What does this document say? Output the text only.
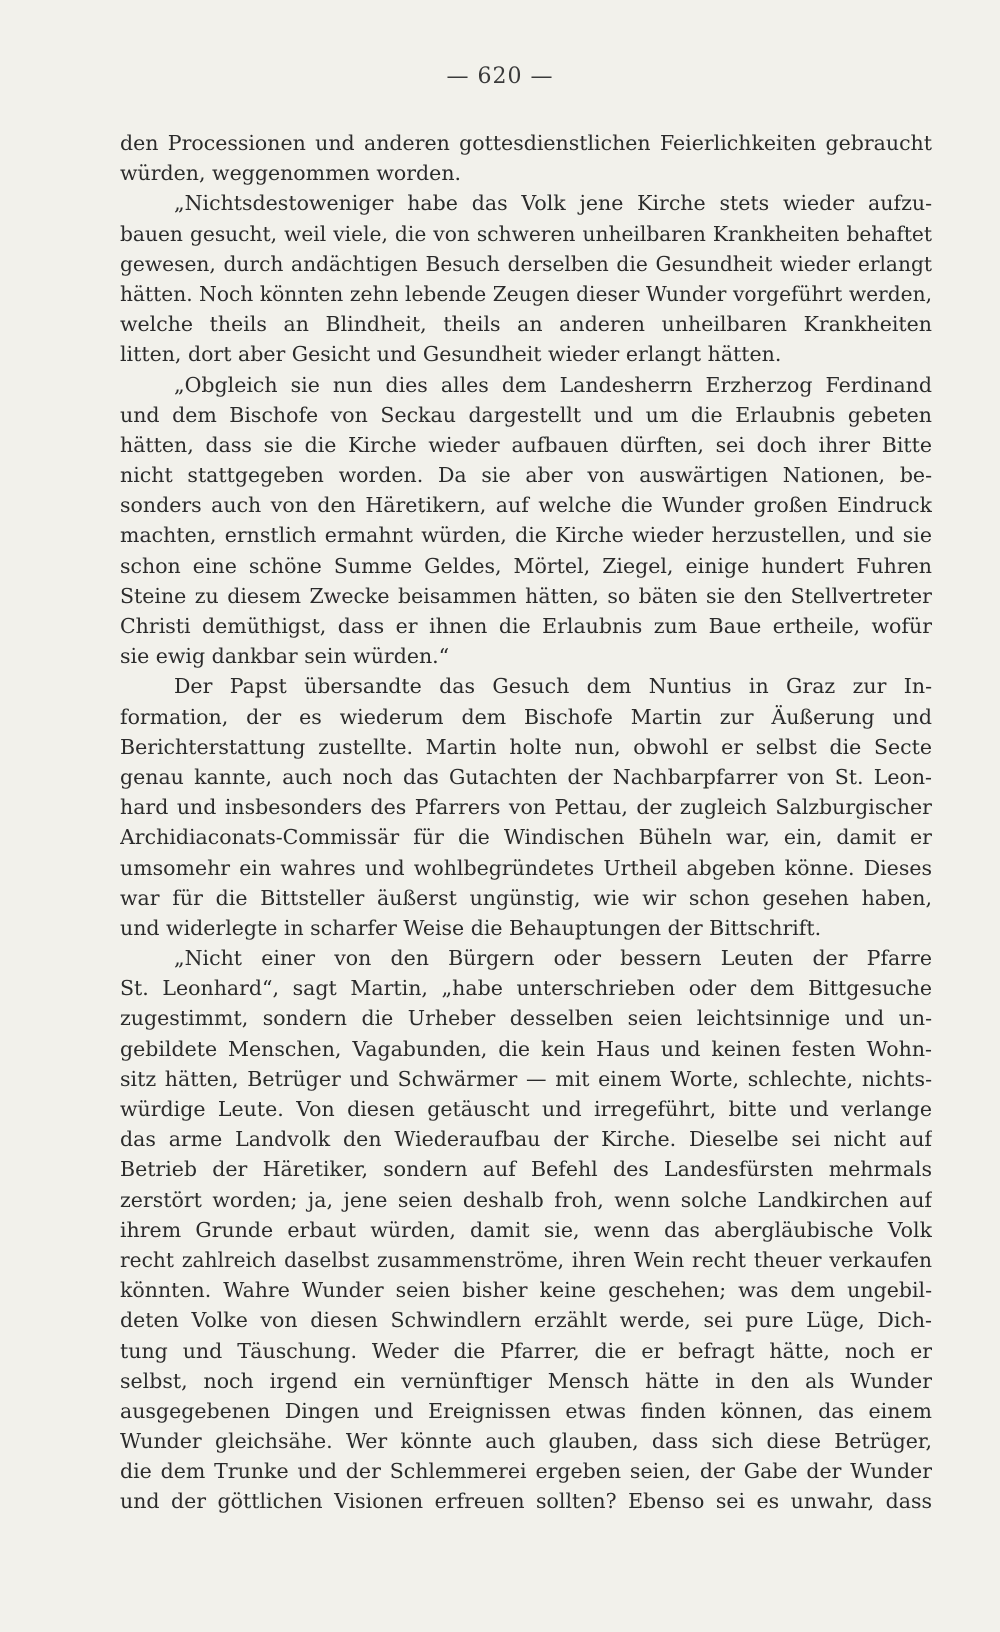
— 620 —
den Processionen und anderen gottesdienstlichen Feierlichkeiten gebraucht
würden, weggenommen worden.
„Nichtsdestoweniger habe das Volk jene Kirche stets wieder aufzu-
bauen gesucht, weil viele, die von schweren unheilbaren Krankheiten behaftet
gewesen, durch andächtigen Besuch derselben die Gesundheit wieder erlangt
hätten. Noch könnten zehn lebende Zeugen dieser Wunder vorgeführt werden,
welche theils an Blindheit, theils an anderen unheilbaren Krankheiten
litten, dort aber Gesicht und Gesundheit wieder erlangt hätten.
„Obgleich sie nun dies alles dem Landesherrn Erzherzog Ferdinand
und dem Bischofe von Seckau dargestellt und um die Erlaubnis gebeten
hätten, dass sie die Kirche wieder aufbauen dürften, sei doch ihrer Bitte
nicht stattgegeben worden. Da sie aber von auswärtigen Nationen, be-
sonders auch von den Häretikern, auf welche die Wunder großen Eindruck
machten, ernstlich ermahnt würden, die Kirche wieder herzustellen, und sie
schon eine schöne Summe Geldes, Mörtel, Ziegel, einige hundert Fuhren
Steine zu diesem Zwecke beisammen hätten, so bäten sie den Stellvertreter
Christi demüthigst, dass er ihnen die Erlaubnis zum Baue ertheile, wofür
sie ewig dankbar sein würden.“
Der Papst übersandte das Gesuch dem Nuntius in Graz zur In-
formation, der es wiederum dem Bischofe Martin zur Äußerung und
Berichterstattung zustellte. Martin holte nun, obwohl er selbst die Secte
genau kannte, auch noch das Gutachten der Nachbarpfarrer von St. Leon-
hard und insbesonders des Pfarrers von Pettau, der zugleich Salzburgischer
Archidiaconats-Commissär für die Windischen Büheln war, ein, damit er
umsomehr ein wahres und wohlbegründetes Urtheil abgeben könne. Dieses
war für die Bittsteller äußerst ungünstig, wie wir schon gesehen haben,
und widerlegte in scharfer Weise die Behauptungen der Bittschrift.
„Nicht einer von den Bürgern oder bessern Leuten der Pfarre
St. Leonhard“, sagt Martin, „habe unterschrieben oder dem Bittgesuche
zugestimmt, sondern die Urheber desselben seien leichtsinnige und un-
gebildete Menschen, Vagabunden, die kein Haus und keinen festen Wohn-
sitz hätten, Betrüger und Schwärmer — mit einem Worte, schlechte, nichts-
würdige Leute. Von diesen getäuscht und irregeführt, bitte und verlange
das arme Landvolk den Wiederaufbau der Kirche. Dieselbe sei nicht auf
Betrieb der Häretiker, sondern auf Befehl des Landesfürsten mehrmals
zerstört worden; ja, jene seien deshalb froh, wenn solche Landkirchen auf
ihrem Grunde erbaut würden, damit sie, wenn das abergläubische Volk
recht zahlreich daselbst zusammenströme, ihren Wein recht theuer verkaufen
könnten. Wahre Wunder seien bisher keine geschehen; was dem ungebil-
deten Volke von diesen Schwindlern erzählt werde, sei pure Lüge, Dich-
tung und Täuschung. Weder die Pfarrer, die er befragt hätte, noch er
selbst, noch irgend ein vernünftiger Mensch hätte in den als Wunder
ausgegebenen Dingen und Ereignissen etwas finden können, das einem
Wunder gleichsähe. Wer könnte auch glauben, dass sich diese Betrüger,
die dem Trunke und der Schlemmerei ergeben seien, der Gabe der Wunder
und der göttlichen Visionen erfreuen sollten? Ebenso sei es unwahr, dass
